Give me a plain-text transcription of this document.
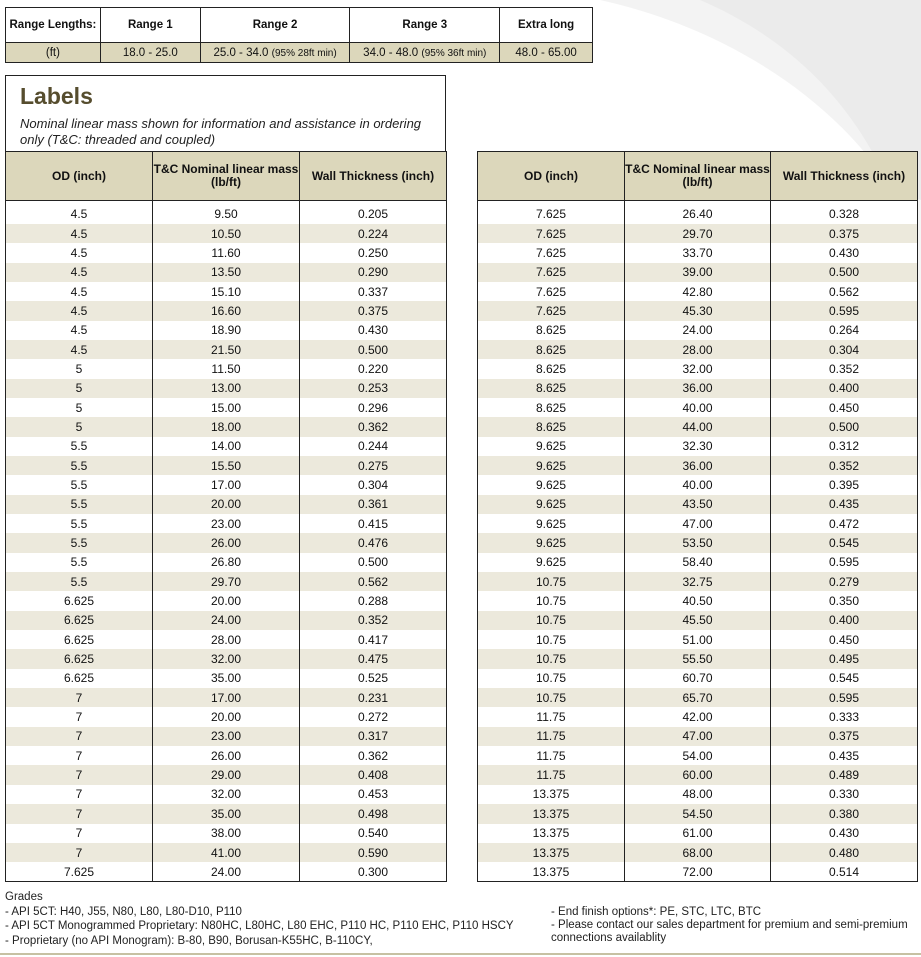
Range Lengths:	Range 1	Range 2	Range 3	Extra long
(ft)	18.0 - 25.0	25.0 - 34.0 (95% 28ft min)	34.0 - 48.0 (95% 36ft min)	48.0 - 65.00
Labels
Nominal linear mass shown for information and assistance in ordering only (T&C: threaded and coupled)
OD (inch)	T&C Nominal linear mass (lb/ft)	Wall Thickness (inch)

4.5	9.50	0.205
4.5	10.50	0.224
4.5	11.60	0.250
4.5	13.50	0.290
4.5	15.10	0.337
4.5	16.60	0.375
4.5	18.90	0.430
4.5	21.50	0.500
5	11.50	0.220
5	13.00	0.253
5	15.00	0.296
5	18.00	0.362
5.5	14.00	0.244
5.5	15.50	0.275
5.5	17.00	0.304
5.5	20.00	0.361
5.5	23.00	0.415
5.5	26.00	0.476
5.5	26.80	0.500
5.5	29.70	0.562
6.625	20.00	0.288
6.625	24.00	0.352
6.625	28.00	0.417
6.625	32.00	0.475
6.625	35.00	0.525
7	17.00	0.231
7	20.00	0.272
7	23.00	0.317
7	26.00	0.362
7	29.00	0.408
7	32.00	0.453
7	35.00	0.498
7	38.00	0.540
7	41.00	0.590
7.625	24.00	0.300
OD (inch)	T&C Nominal linear mass (lb/ft)	Wall Thickness (inch)

7.625	26.40	0.328
7.625	29.70	0.375
7.625	33.70	0.430
7.625	39.00	0.500
7.625	42.80	0.562
7.625	45.30	0.595
8.625	24.00	0.264
8.625	28.00	0.304
8.625	32.00	0.352
8.625	36.00	0.400
8.625	40.00	0.450
8.625	44.00	0.500
9.625	32.30	0.312
9.625	36.00	0.352
9.625	40.00	0.395
9.625	43.50	0.435
9.625	47.00	0.472
9.625	53.50	0.545
9.625	58.40	0.595
10.75	32.75	0.279
10.75	40.50	0.350
10.75	45.50	0.400
10.75	51.00	0.450
10.75	55.50	0.495
10.75	60.70	0.545
10.75	65.70	0.595
11.75	42.00	0.333
11.75	47.00	0.375
11.75	54.00	0.435
11.75	60.00	0.489
13.375	48.00	0.330
13.375	54.50	0.380
13.375	61.00	0.430
13.375	68.00	0.480
13.375	72.00	0.514
Grades
- API 5CT: H40, J55, N80, L80, L80-D10, P110
- API 5CT Monogrammed Proprietary: N80HC, L80HC, L80 EHC, P110 HC, P110 EHC, P110 HSCY
- Proprietary (no API Monogram): B-80, B90, Borusan-K55HC, B-110CY,
- End finish options*: PE, STC, LTC, BTC
- Please contact our sales department for premium and semi-premium connections availablity
